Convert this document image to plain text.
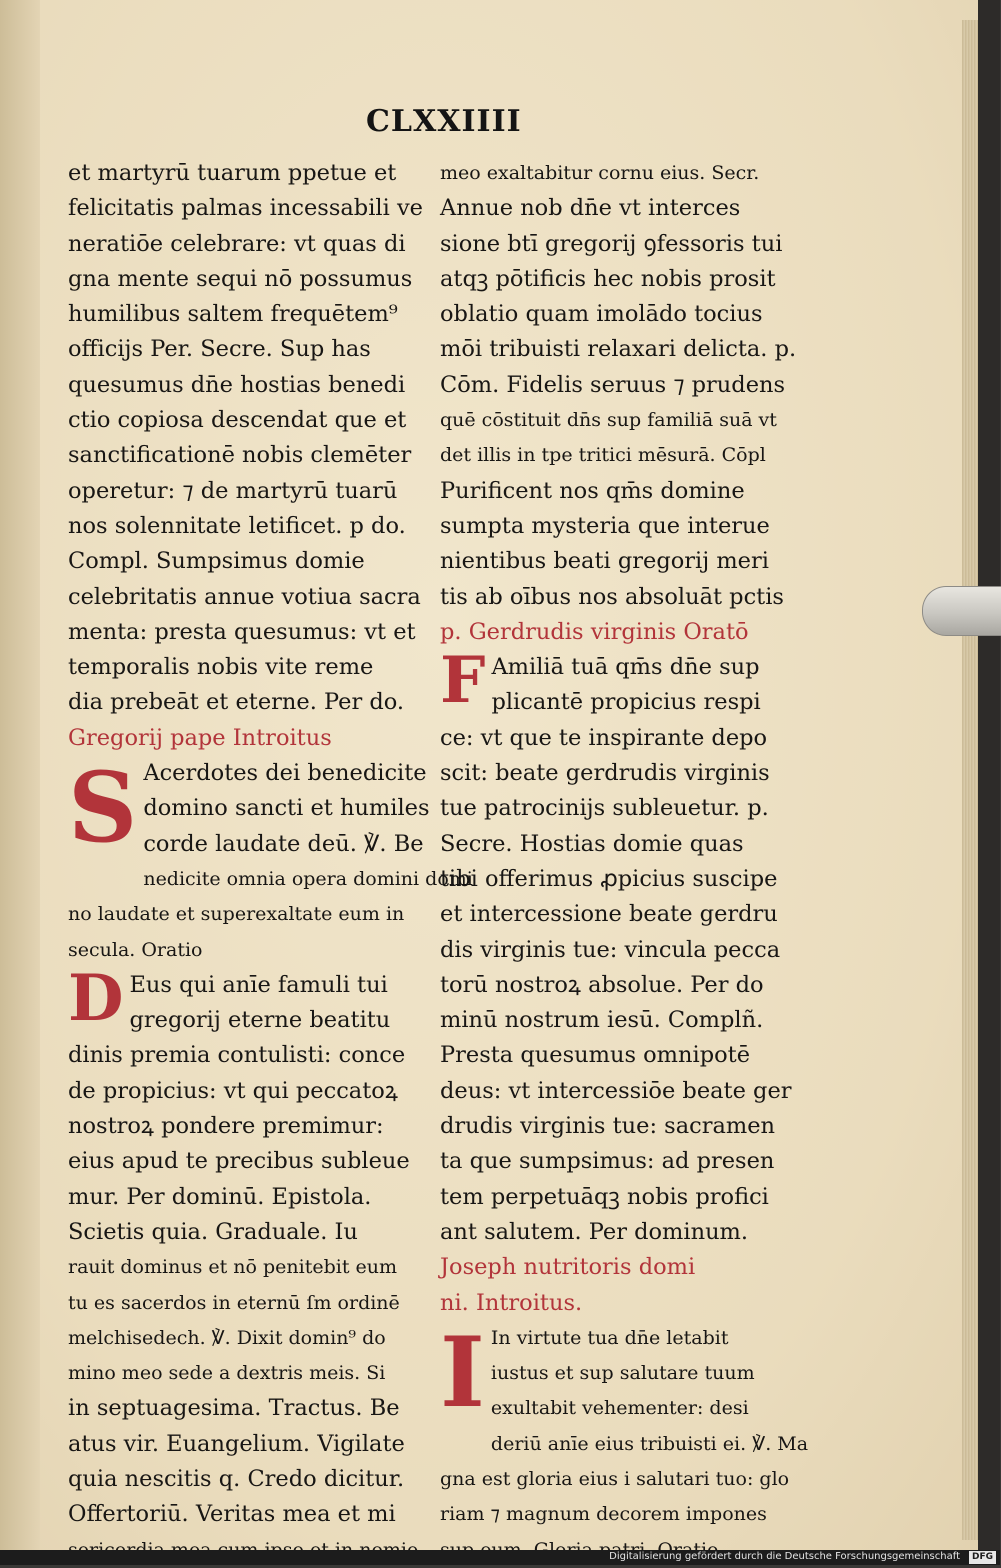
CLXXIIII
et martyrū tuarum ppetue et
felicitatis palmas incessabili ve
neratiōe celebrare: vt quas di
gna mente sequi nō possumus
humilibus saltem frequētem⁹
officijs Per. Secre. Sup has
quesumus dn̄e hostias benedi
ctio copiosa descendat que et
sanctificationē nobis clemēter
operetur: ⁊ de martyrū tuarū
nos solennitate letificet. p do.
Compl. Sumpsimus domie
celebritatis annue votiua sacra
menta: presta quesumus: vt et
temporalis nobis vite reme
dia prebeāt et eterne. Per do.
Gregorij pape Introitus
S Acerdotes dei benedicite
domino sancti et humiles
corde laudate deū. ℣. Be
nedicite omnia opera domini domi
no laudate et superexaltate eum in
secula. Oratio
D Eus qui anīe famuli tui
gregorij eterne beatitu
dinis premia contulisti: conce
de propicius: vt qui peccatoꝝ
nostroꝝ pondere premimur:
eius apud te precibus subleue
mur. Per dominū. Epistola.
Scietis quia. Graduale. Iu
rauit dominus et nō penitebit eum
tu es sacerdos in eternū ſm ordinē
melchisedech. ℣. Dixit domin⁹ do
mino meo sede a dextris meis. Si
in septuagesima. Tractus. Be
atus vir. Euangelium. Vigilate
quia nescitis q. Credo dicitur.
Offertoriū. Veritas mea et mi
meo exaltabitur cornu eius. Secr.
Annue nob dn̄e vt interces
sione btī gregorij ꝯfessoris tui
atqꝫ pōtificis hec nobis prosit
oblatio quam imolādo tocius
mōi tribuisti relaxari delicta. p.
Cōm. Fidelis seruus ⁊ prudens
quē cōstituit dn̄s sup familiā suā vt
det illis in tpe tritici mēsurā. Cōpl
Purificent nos qm̄s domine
sumpta mysteria que interue
nientibus beati gregorij meri
tis ab oībus nos absoluāt pctis
p. Gerdrudis virginis Oratō
F Amiliā tuā qm̄s dn̄e sup
plicantē propicius respi
ce: vt que te inspirante depo
scit: beate gerdrudis virginis
tue patrocinijs subleuetur. p.
Secre. Hostias domie quas
tibi offerimus ꝓpicius suscipe
et intercessione beate gerdru
dis virginis tue: vincula pecca
torū nostroꝝ absolue. Per do
minū nostrum iesū. Complñ.
Presta quesumus omnipotē
deus: vt intercessiōe beate ger
drudis virginis tue: sacramen
ta que sumpsimus: ad presen
tem perpetuāqꝫ nobis profici
ant salutem. Per dominum.
Joseph nutritoris domi
ni. Introitus.
I In virtute tua dn̄e letabit
iustus et sup salutare tuum
exultabit vehementer: desi
deriū anīe eius tribuisti ei. ℣. Ma
gna est gloria eius i salutari tuo: glo
riam ⁊ magnum decorem impones
Digitalisierung gefördert durch die Deutsche Forschungsgemeinschaft	DFG
